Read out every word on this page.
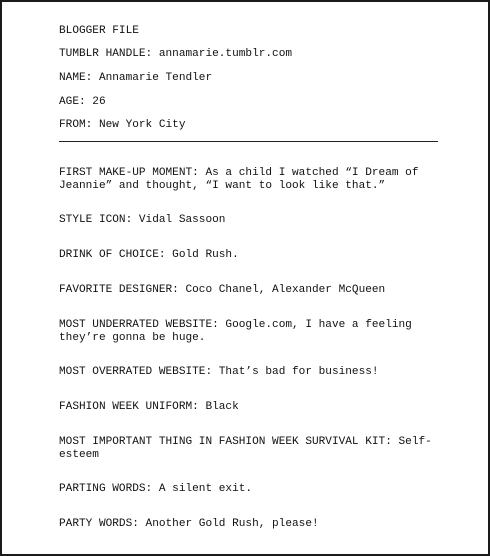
BLOGGER FILE

TUMBLR HANDLE: annamarie.tumblr.com

NAME: Annamarie Tendler

AGE: 26

FROM: New York City

FIRST MAKE-UP MOMENT: As a child I watched “I Dream of

Jeannie” and thought, “I want to look like that.”

STYLE ICON: Vidal Sassoon

DRINK OF CHOICE: Gold Rush.

FAVORITE DESIGNER: Coco Chanel, Alexander McQueen

MOST UNDERRATED WEBSITE: Google.com, I have a feeling

they’re gonna be huge.

MOST OVERRATED WEBSITE: That’s bad for business!

FASHION WEEK UNIFORM: Black

MOST IMPORTANT THING IN FASHION WEEK SURVIVAL KIT: Self-

esteem

PARTING WORDS: A silent exit.

PARTY WORDS: Another Gold Rush, please!
